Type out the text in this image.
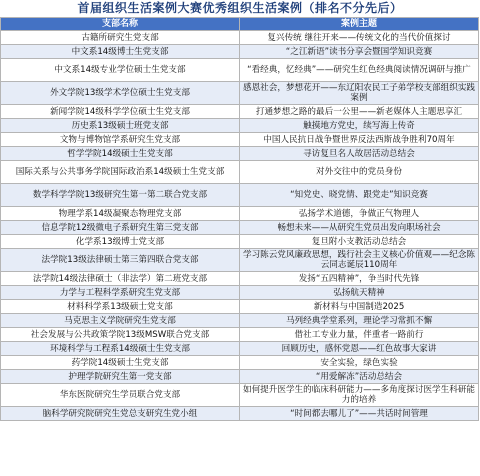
首届组织生活案例大赛优秀组织生活案例（排名不分先后）
支部名称	案例主题
古籍所研究生党支部	复兴传统 继往开来——传统文化的当代价值探讨
中文系14级博士生党支部	“之江新语”读书分享会暨国学知识竞赛
中文系14级专业学位硕士生党支部	“看经典，忆经典”——研究生红色经典阅读情况调研与推广
外文学院13级学术学位硕士生党支部	感恩社会，梦想花开——东辽阳农民工子弟学校支部组织实践案例
新闻学院14级科学学位硕士生党支部	打通梦想之路的最后一公里——新老媒体人主题思享汇
历史系13级硕士班党支部	触摸地方党史，续写海上传奇
文物与博物馆学系研究生党支部	中国人民抗日战争暨世界反法西斯战争胜利70周年
哲学学院14级硕士生党支部	寻访复旦名人故居活动总结会
国际关系与公共事务学院国际政治系14级硕士生党支部	对外交往中的党员身份
数学科学学院13级研究生第一第二联合党支部	“知党史、晓党情、跟党走”知识竞赛
物理学系14级凝聚态物理党支部	弘扬学术道德，争做正气物理人
信息学院12级微电子系研究生第三党支部	畅想未来——从研究生党员出发向职场社会
化学系13级博士党支部	复旦附小支教活动总结会
法学院13级法律硕士第三第四联合党支部	学习陈云党风廉政思想，践行社会主义核心价值观——纪念陈云同志诞辰110周年
法学院14级法律硕士（非法学）第二班党支部	发扬“五四精神”，争当时代先锋
力学与工程科学系研究生党支部	弘扬航天精神
材料科学系13级硕士党支部	新材料与中国制造2025
马克思主义学院研究生党支部	马列经典学堂系列，理论学习常抓不懈
社会发展与公共政策学院13级MSW联合党支部	借社工专业力量，伴重者一路前行
环境科学与工程系14级硕士生党支部	回顾历史，感怀党恩——红色故事大家讲
药学院14级硕士生党支部	安全实验，绿色实验
护理学院研究生第一党支部	“用爱解冻”活动总结会
华东医院研究生学员联合党支部	如何提升医学生的临床科研能力——多角度探讨医学生科研能力的培养
脑科学研究院研究生党总支研究生党小组	“时间都去哪儿了”——共话时间管理
